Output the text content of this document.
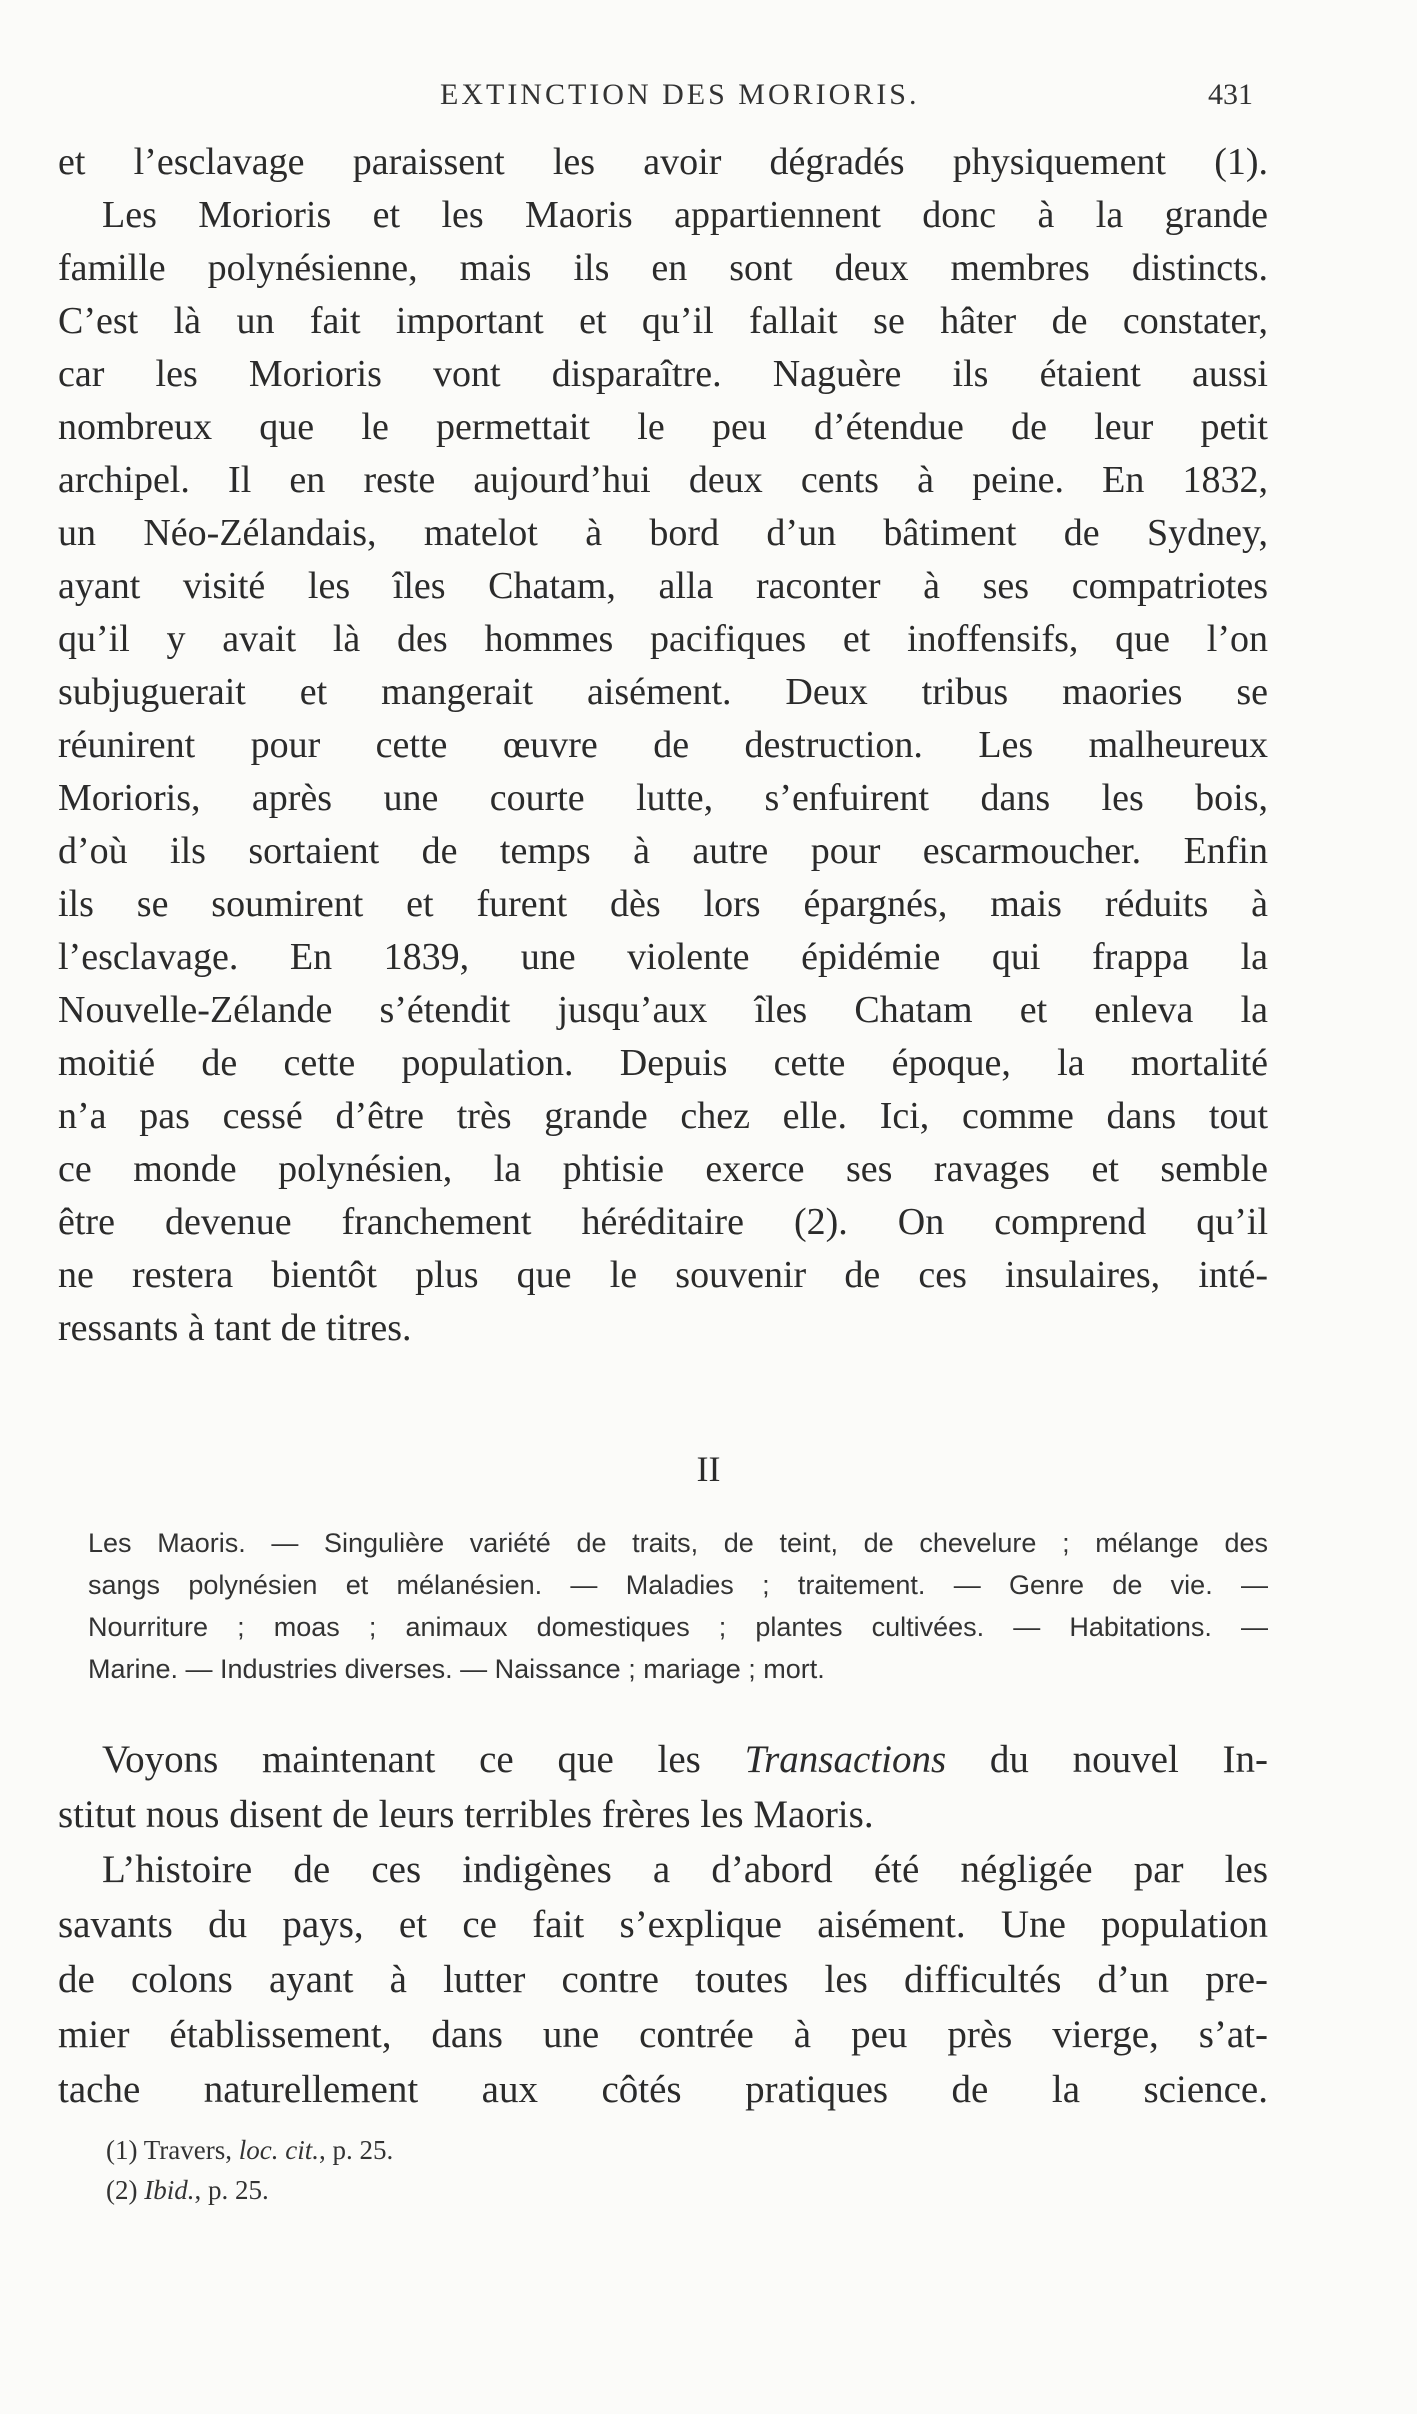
EXTINCTION DES MORIORIS.	431
et l’esclavage paraissent les avoir dégradés physiquement (1).
Les Morioris et les Maoris appartiennent donc à la grande
famille polynésienne, mais ils en sont deux membres distincts.
C’est là un fait important et qu’il fallait se hâter de constater,
car les Morioris vont disparaître. Naguère ils étaient aussi
nombreux que le permettait le peu d’étendue de leur petit
archipel. Il en reste aujourd’hui deux cents à peine. En 1832,
un Néo-Zélandais, matelot à bord d’un bâtiment de Sydney,
ayant visité les îles Chatam, alla raconter à ses compatriotes
qu’il y avait là des hommes pacifiques et inoffensifs, que l’on
subjuguerait et mangerait aisément. Deux tribus maories se
réunirent pour cette œuvre de destruction. Les malheureux
Morioris, après une courte lutte, s’enfuirent dans les bois,
d’où ils sortaient de temps à autre pour escarmoucher. Enfin
ils se soumirent et furent dès lors épargnés, mais réduits à
l’esclavage. En 1839, une violente épidémie qui frappa la
Nouvelle-Zélande s’étendit jusqu’aux îles Chatam et enleva la
moitié de cette population. Depuis cette époque, la mortalité
n’a pas cessé d’être très grande chez elle. Ici, comme dans tout
ce monde polynésien, la phtisie exerce ses ravages et semble
être devenue franchement héréditaire (2). On comprend qu’il
ne restera bientôt plus que le souvenir de ces insulaires, inté-
ressants à tant de titres.
II
Les Maoris. — Singulière variété de traits, de teint, de chevelure ; mélange des
sangs polynésien et mélanésien. — Maladies ; traitement. — Genre de vie. —
Nourriture ; moas ; animaux domestiques ; plantes cultivées. — Habitations. —
Marine. — Industries diverses. — Naissance ; mariage ; mort.
Voyons maintenant ce que les Transactions du nouvel In-
stitut nous disent de leurs terribles frères les Maoris.
L’histoire de ces indigènes a d’abord été négligée par les
savants du pays, et ce fait s’explique aisément. Une population
de colons ayant à lutter contre toutes les difficultés d’un pre-
mier établissement, dans une contrée à peu près vierge, s’at-
tache naturellement aux côtés pratiques de la science.
(1) Travers, loc. cit., p. 25.
(2) Ibid., p. 25.
